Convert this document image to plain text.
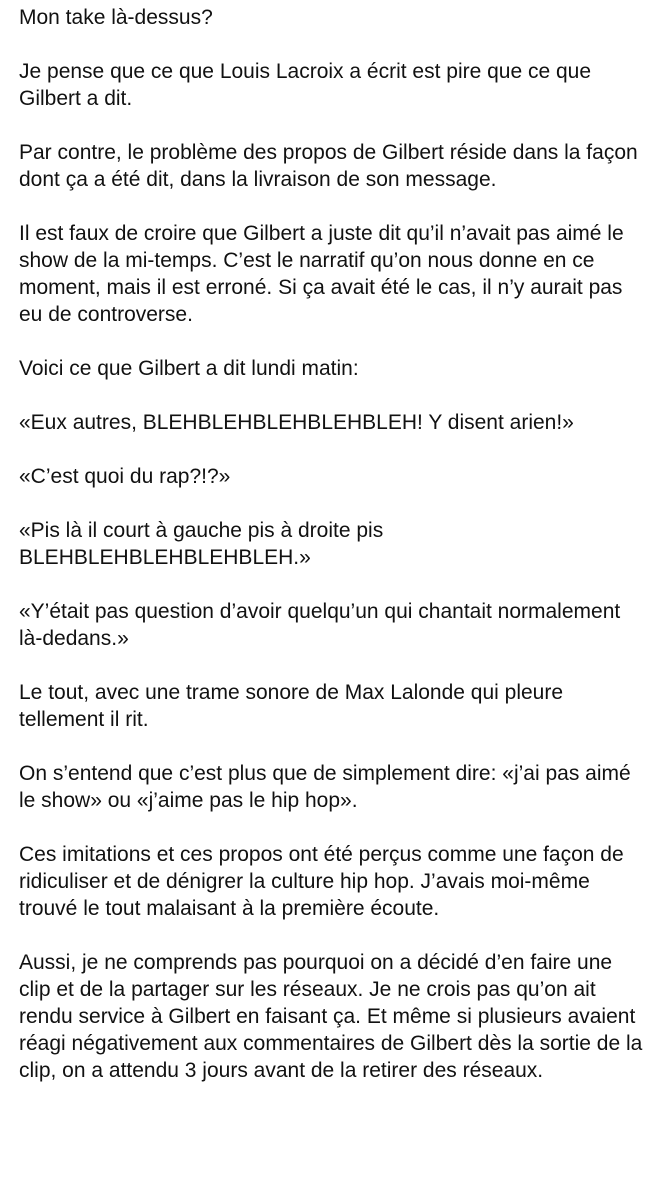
Mon take là-dessus?

Je pense que ce que Louis Lacroix a écrit est pire que ce que Gilbert a dit.

Par contre, le problème des propos de Gilbert réside dans la façon dont ça a été dit, dans la livraison de son message.

Il est faux de croire que Gilbert a juste dit qu’il n’avait pas aimé le show de la mi-temps. C’est le narratif qu’on nous donne en ce moment, mais il est erroné. Si ça avait été le cas, il n’y aurait pas eu de controverse.

Voici ce que Gilbert a dit lundi matin:

«Eux autres, BLEHBLEHBLEHBLEHBLEH! Y disent arien!»

«C’est quoi du rap?!?»

«Pis là il court à gauche pis à droite pis BLEHBLEHBLEHBLEHBLEH.»

«Y’était pas question d’avoir quelqu’un qui chantait normalement là-dedans.»

Le tout, avec une trame sonore de Max Lalonde qui pleure tellement il rit.

On s’entend que c’est plus que de simplement dire: «j’ai pas aimé le show» ou «j’aime pas le hip hop».

Ces imitations et ces propos ont été perçus comme une façon de ridiculiser et de dénigrer la culture hip hop. J’avais moi-même trouvé le tout malaisant à la première écoute.

Aussi, je ne comprends pas pourquoi on a décidé d’en faire une clip et de la partager sur les réseaux. Je ne crois pas qu’on ait rendu service à Gilbert en faisant ça. Et même si plusieurs avaient réagi négativement aux commentaires de Gilbert dès la sortie de la clip, on a attendu 3 jours avant de la retirer des réseaux.
